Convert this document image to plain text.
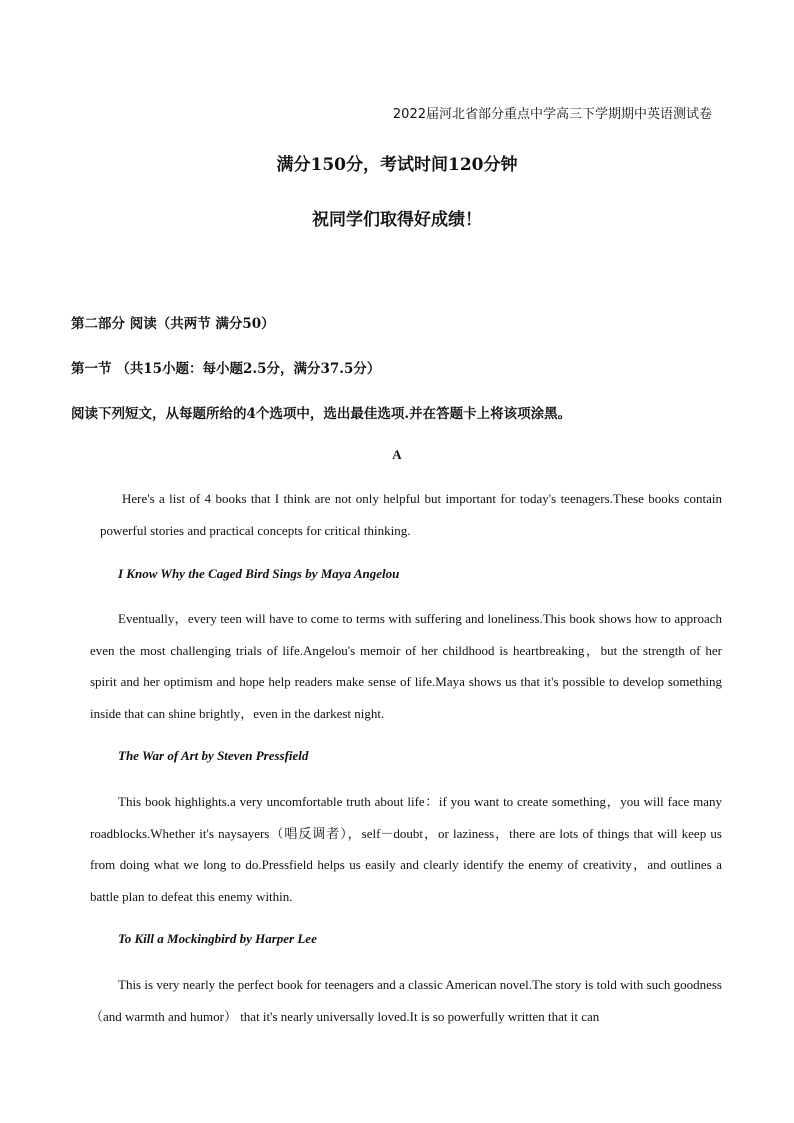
2022届河北省部分重点中学高三下学期期中英语测试卷
满分150分，考试时间120分钟
祝同学们取得好成绩！
第二部分 阅读（共两节 满分50）
第一节 （共15小题：每小题2.5分，满分37.5分）
阅读下列短文，从每题所给的4个选项中，选出最佳选项.并在答题卡上将该项涂黑。
A
Here's a list of 4 books that I think are not only helpful but important for today's teenagers.These books contain powerful stories and practical concepts for critical thinking.
I Know Why the Caged Bird Sings by Maya Angelou
Eventually，every teen will have to come to terms with suffering and loneliness.This book shows how to approach even the most challenging trials of life.Angelou's memoir of her childhood is heartbreaking，but the strength of her spirit and her optimism and hope help readers make sense of life.Maya shows us that it's possible to develop something inside that can shine brightly，even in the darkest night.
The War of Art by Steven Pressfield
This book highlights.a very uncomfortable truth about life：if you want to create something，you will face many roadblocks.Whether it's naysayers（唱反调者），self－doubt，or laziness，there are lots of things that will keep us from doing what we long to do.Pressfield helps us easily and clearly identify the enemy of creativity，and outlines a battle plan to defeat this enemy within.
To Kill a Mockingbird by Harper Lee
This is very nearly the perfect book for teenagers and a classic American novel.The story is told with such goodness（and warmth and humor） that it's nearly universally loved.It is so powerfully written that it can
